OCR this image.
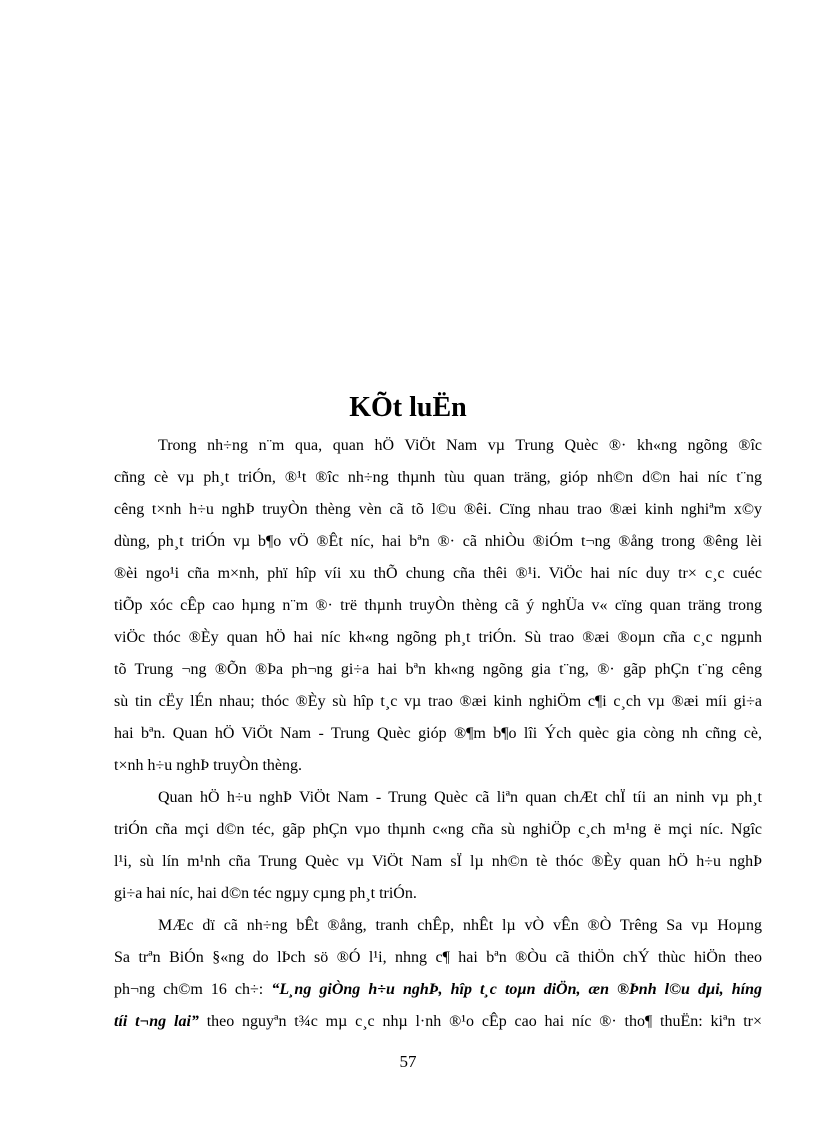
KÕt luËn

Trong nh÷ng n¨m qua, quan hÖ ViÖt Nam vµ Trung Quèc ®· kh«ng ngõng ®îc
cñng cè vµ ph¸t triÓn, ®¹t ®îc nh÷ng thµnh tùu quan träng, gióp nh©n d©n hai níc t¨ng
cêng t×nh h÷u nghÞ truyÒn thèng vèn cã tõ l©u ®êi. Cïng nhau trao ®æi kinh nghiªm x©y
dùng, ph¸t triÓn vµ b¶o vÖ ®Êt níc, hai bªn ®· cã nhiÒu ®iÓm t¬ng ®ång trong ®êng lèi
®èi ngo¹i cña m×nh, phï hîp víi xu thÕ chung cña thêi ®¹i. ViÖc hai níc duy tr× c¸c cuéc
tiÕp xóc cÊp cao hµng n¨m ®· trë thµnh truyÒn thèng cã ý nghÜa v« cïng quan träng trong
viÖc thóc ®Èy quan hÖ hai níc kh«ng ngõng ph¸t triÓn. Sù trao ®æi ®oµn cña c¸c ngµnh
tõ Trung ¬ng ®Õn ®Þa ph¬ng gi÷a hai bªn kh«ng ngõng gia t¨ng, ®· gãp phÇn t¨ng cêng
sù tin cËy lÉn nhau; thóc ®Èy sù hîp t¸c vµ trao ®æi kinh nghiÖm c¶i c¸ch vµ ®æi míi gi÷a
hai bªn. Quan hÖ ViÖt Nam - Trung Quèc gióp ®¶m b¶o lîi Ých quèc gia còng nh cñng cè,
t×nh h÷u nghÞ truyÒn thèng.

Quan hÖ h÷u nghÞ ViÖt Nam - Trung Quèc cã liªn quan chÆt chÏ tíi an ninh vµ ph¸t
triÓn cña mçi d©n téc, gãp phÇn vµo thµnh c«ng cña sù nghiÖp c¸ch m¹ng ë mçi níc. Ngîc
l¹i, sù lín m¹nh cña Trung Quèc vµ ViÖt Nam sÏ lµ nh©n tè thóc ®Èy quan hÖ h÷u nghÞ
gi÷a hai níc, hai d©n téc ngµy cµng ph¸t triÓn.

MÆc dï cã nh÷ng bÊt ®ång, tranh chÊp, nhÊt lµ vÒ vÊn ®Ò Trêng Sa vµ Hoµng
Sa trªn BiÓn §«ng do lÞch sö ®Ó l¹i, nhng c¶ hai bªn ®Òu cã thiÖn chÝ thùc hiÖn theo
ph¬ng ch©m 16 ch÷: “L¸ng giÒng h÷u nghÞ, hîp t¸c toµn diÖn, æn ®Þnh l©u dµi, híng
tíi t¬ng lai” theo nguyªn t¾c mµ c¸c nhµ l·nh ®¹o cÊp cao hai níc ®· tho¶ thuËn: kiªn tr×

57
